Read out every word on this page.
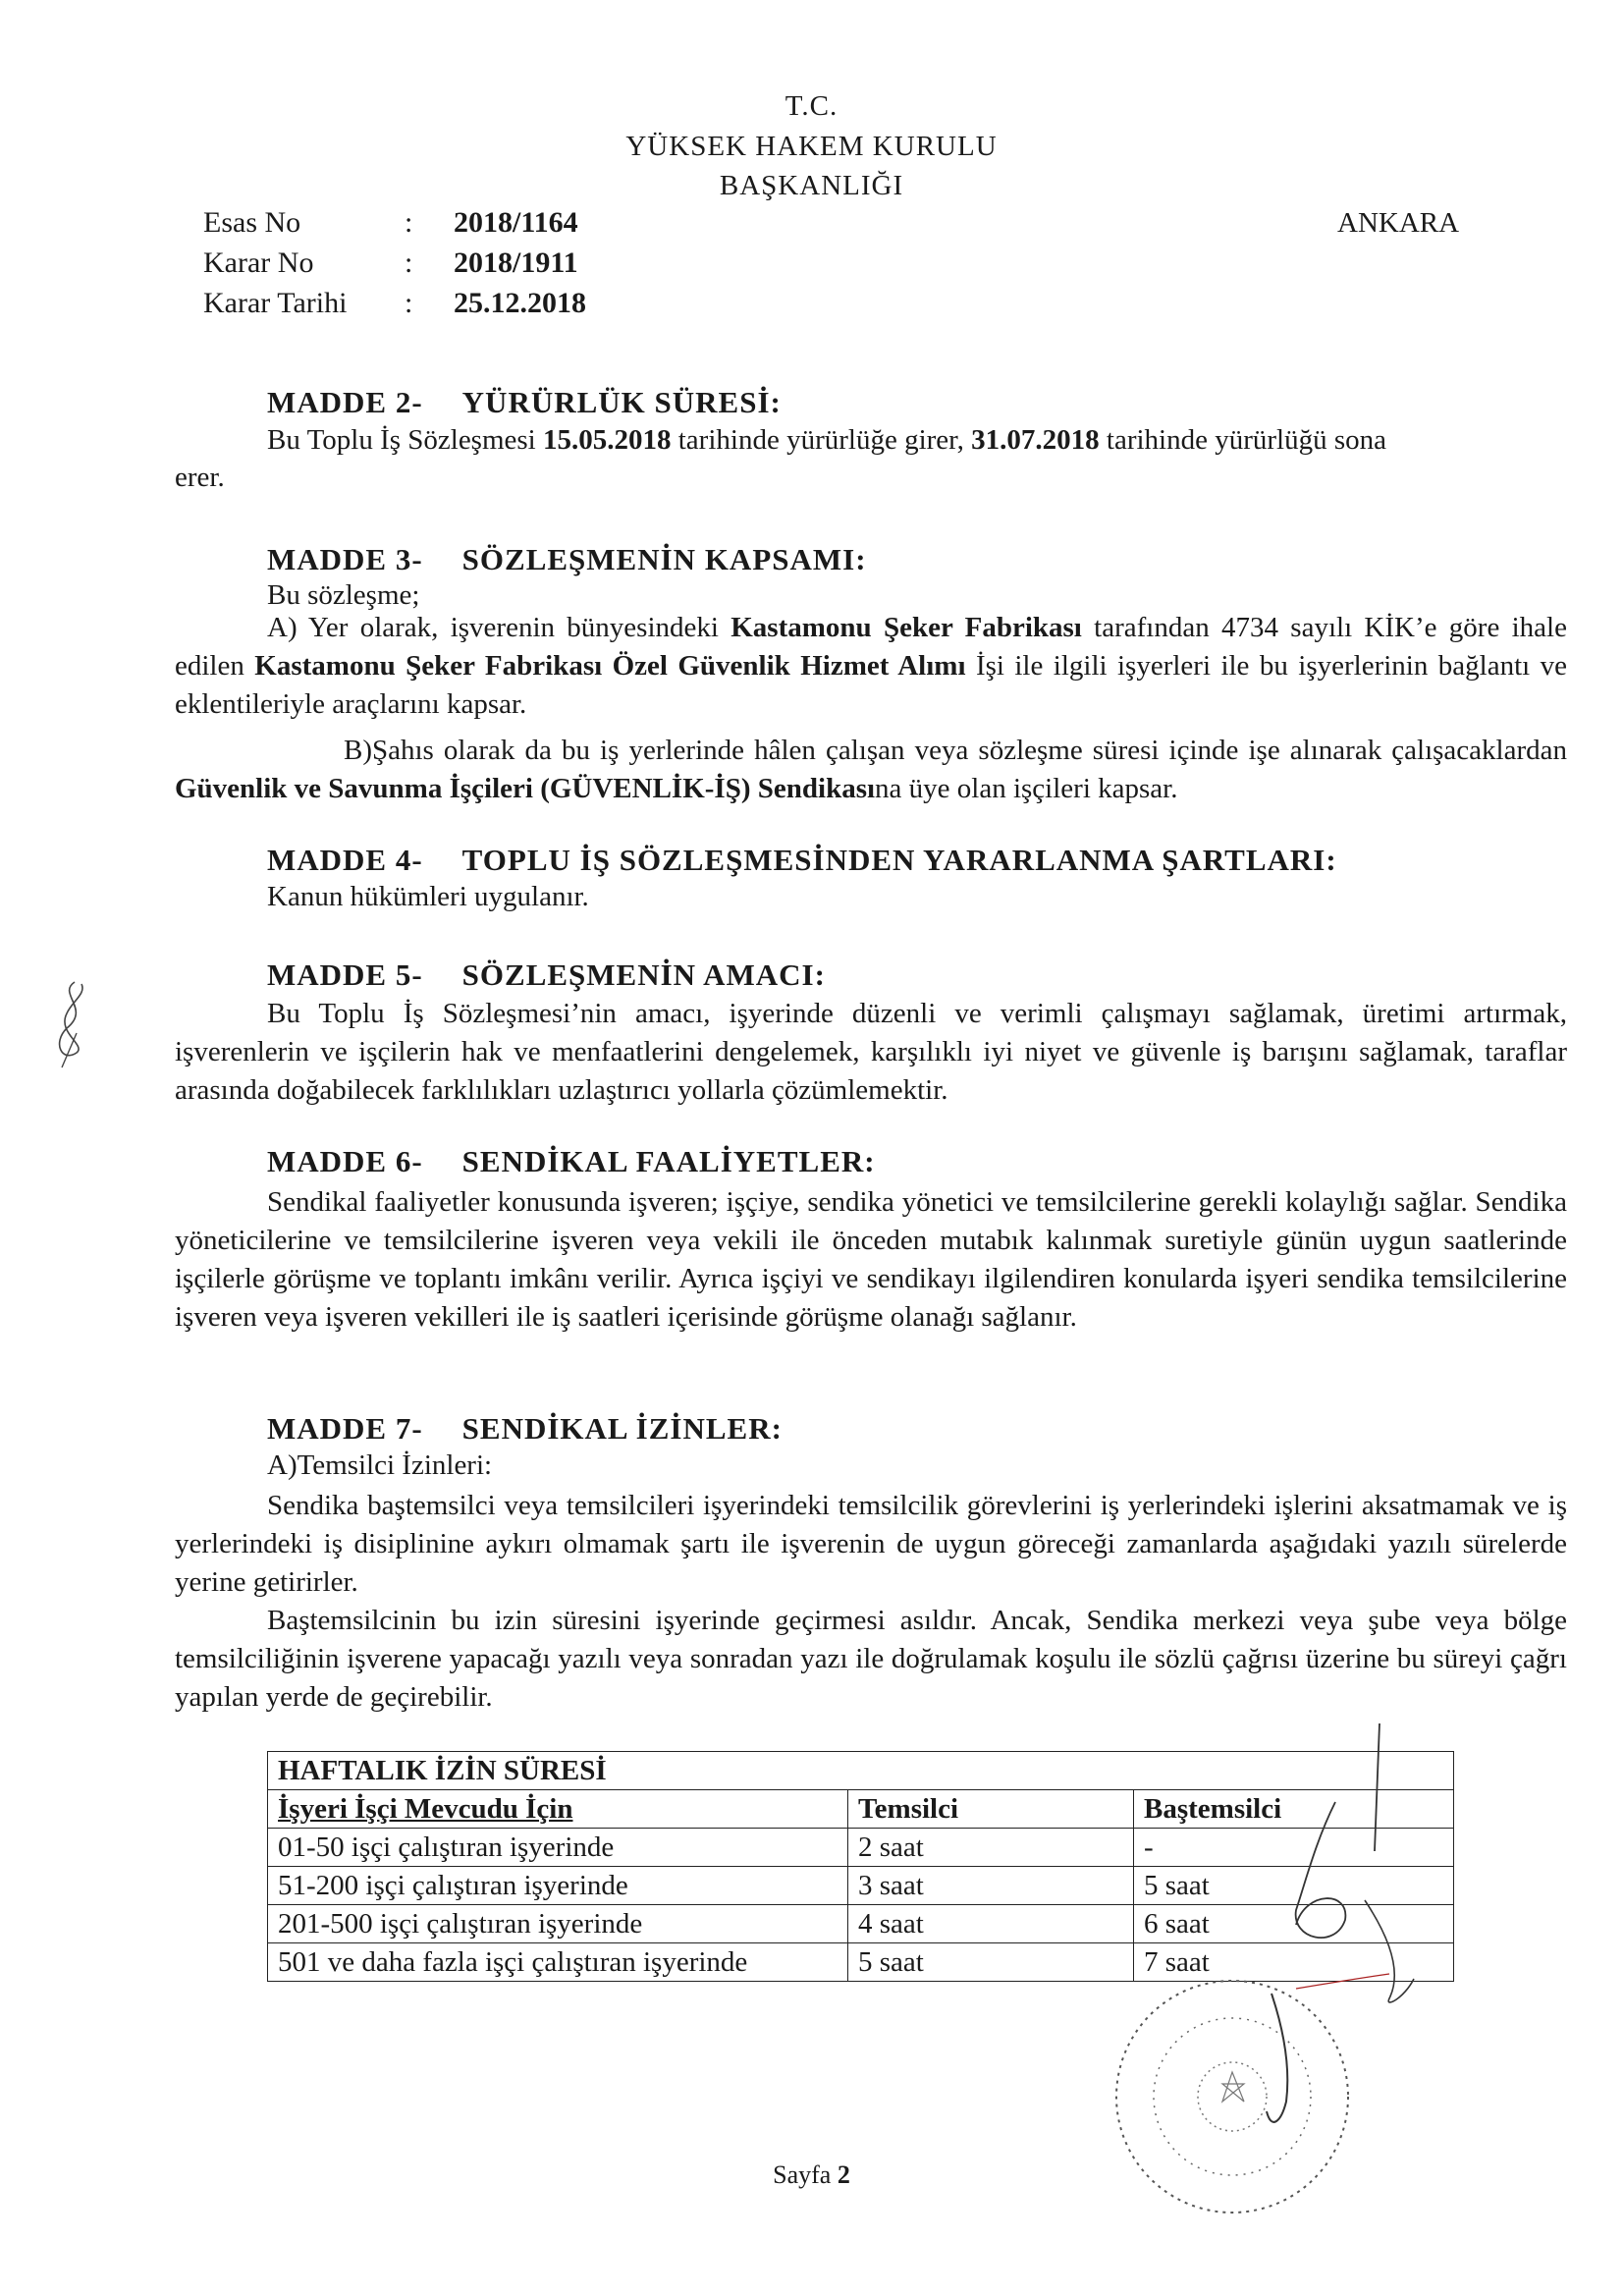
T.C.
YÜKSEK HAKEM KURULU
BAŞKANLIĞI
ANKARA
Esas No	: 2018/1164
Karar No	: 2018/1911
Karar Tarihi : 25.12.2018
MADDE 2- YÜRÜRLÜK SÜRESİ:
Bu Toplu İş Sözleşmesi 15.05.2018 tarihinde yürürlüğe girer, 31.07.2018 tarihinde yürürlüğü sona
erer.
MADDE 3- SÖZLEŞMENİN KAPSAMI:
Bu sözleşme;
A) Yer olarak, işverenin bünyesindeki Kastamonu Şeker Fabrikası tarafından 4734 sayılı KİK’e göre ihale edilen Kastamonu Şeker Fabrikası Özel Güvenlik Hizmet Alımı İşi ile ilgili işyerleri ile bu işyerlerinin bağlantı ve eklentileriyle araçlarını kapsar.
B)Şahıs olarak da bu iş yerlerinde hâlen çalışan veya sözleşme süresi içinde işe alınarak çalışacaklardan Güvenlik ve Savunma İşçileri (GÜVENLİK-İŞ) Sendikasına üye olan işçileri kapsar.
MADDE 4- TOPLU İŞ SÖZLEŞMESİNDEN YARARLANMA ŞARTLARI:
Kanun hükümleri uygulanır.
MADDE 5- SÖZLEŞMENİN AMACI:
Bu Toplu İş Sözleşmesi’nin amacı, işyerinde düzenli ve verimli çalışmayı sağlamak, üretimi artırmak, işverenlerin ve işçilerin hak ve menfaatlerini dengelemek, karşılıklı iyi niyet ve güvenle iş barışını sağlamak, taraflar arasında doğabilecek farklılıkları uzlaştırıcı yollarla çözümlemektir.
MADDE 6- SENDİKAL FAALİYETLER:
Sendikal faaliyetler konusunda işveren; işçiye, sendika yönetici ve temsilcilerine gerekli kolaylığı sağlar. Sendika yöneticilerine ve temsilcilerine işveren veya vekili ile önceden mutabık kalınmak suretiyle günün uygun saatlerinde işçilerle görüşme ve toplantı imkânı verilir. Ayrıca işçiyi ve sendikayı ilgilendiren konularda işyeri sendika temsilcilerine işveren veya işveren vekilleri ile iş saatleri içerisinde görüşme olanağı sağlanır.
MADDE 7- SENDİKAL İZİNLER:
A)Temsilci İzinleri:
Sendika baştemsilci veya temsilcileri işyerindeki temsilcilik görevlerini iş yerlerindeki işlerini aksatmamak ve iş yerlerindeki iş disiplinine aykırı olmamak şartı ile işverenin de uygun göreceği zamanlarda aşağıdaki yazılı sürelerde yerine getirirler.
Baştemsilcinin bu izin süresini işyerinde geçirmesi asıldır. Ancak, Sendika merkezi veya şube veya bölge temsilciliğinin işverene yapacağı yazılı veya sonradan yazı ile doğrulamak koşulu ile sözlü çağrısı üzerine bu süreyi çağrı yapılan yerde de geçirebilir.
HAFTALIK İZİN SÜRESİ		
İşyeri İşçi Mevcudu İçin	Temsilci	Baştemsilci
01-50 işçi çalıştıran işyerinde	2 saat	-
51-200 işçi çalıştıran işyerinde	3 saat	5 saat
201-500 işçi çalıştıran işyerinde	4 saat	6 saat
501 ve daha fazla işçi çalıştıran işyerinde	5 saat	7 saat
Sayfa 2
